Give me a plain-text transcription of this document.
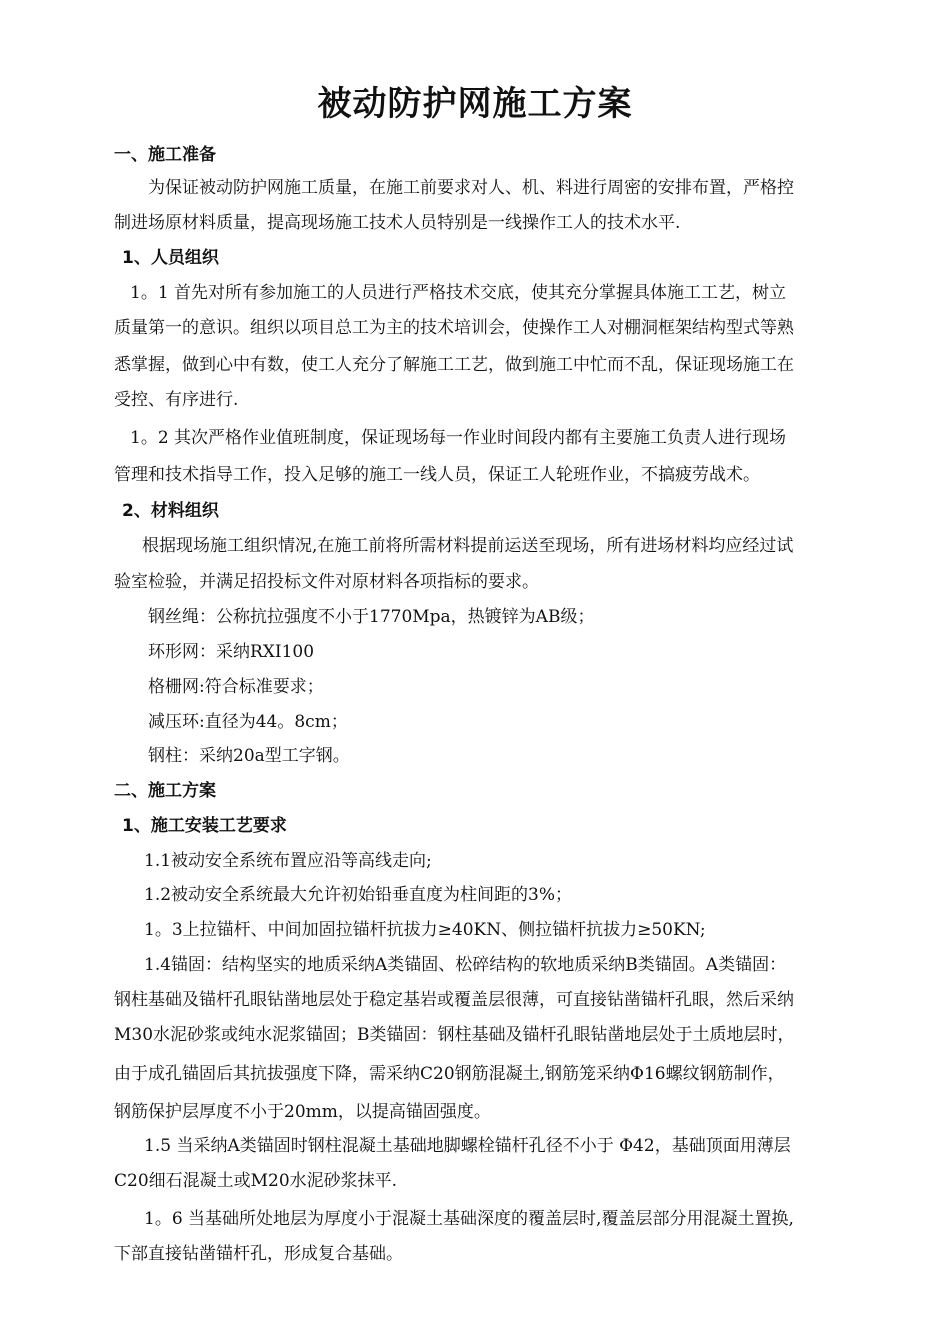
被动防护网施工方案
一、施工准备
为保证被动防护网施工质量，在施工前要求对人、机、料进行周密的安排布置，严格控
制进场原材料质量，提高现场施工技术人员特别是一线操作工人的技术水平.
1、人员组织
1。1 首先对所有参加施工的人员进行严格技术交底，使其充分掌握具体施工工艺，树立
质量第一的意识。组织以项目总工为主的技术培训会，使操作工人对棚洞框架结构型式等熟
悉掌握，做到心中有数，使工人充分了解施工工艺，做到施工中忙而不乱，保证现场施工在
受控、有序进行.
1。2 其次严格作业值班制度，保证现场每一作业时间段内都有主要施工负责人进行现场
管理和技术指导工作，投入足够的施工一线人员，保证工人轮班作业，不搞疲劳战术。
2、材料组织
根据现场施工组织情况,在施工前将所需材料提前运送至现场，所有进场材料均应经过试
验室检验，并满足招投标文件对原材料各项指标的要求。
钢丝绳：公称抗拉强度不小于1770Mpa，热镀锌为AB级；
环形网：采纳RXI100
格栅网:符合标准要求；
减压环:直径为44。8cm；
钢柱：采纳20a型工字钢。
二、施工方案
1、施工安装工艺要求
1.1被动安全系统布置应沿等高线走向;
1.2被动安全系统最大允许初始铅垂直度为柱间距的3%；
1。3上拉锚杆、中间加固拉锚杆抗拔力≥40KN、侧拉锚杆抗拔力≥50KN;
1.4锚固：结构坚实的地质采纳A类锚固、松碎结构的软地质采纳B类锚固。A类锚固：
钢柱基础及锚杆孔眼钻凿地层处于稳定基岩或覆盖层很薄，可直接钻凿锚杆孔眼，然后采纳
M30水泥砂浆或纯水泥浆锚固；B类锚固：钢柱基础及锚杆孔眼钻凿地层处于土质地层时，
由于成孔锚固后其抗拔强度下降，需采纳C20钢筋混凝土,钢筋笼采纳Φ16螺纹钢筋制作，
钢筋保护层厚度不小于20mm，以提高锚固强度。
1.5 当采纳A类锚固时钢柱混凝土基础地脚螺栓锚杆孔径不小于 Φ42，基础顶面用薄层
C20细石混凝土或M20水泥砂浆抹平.
1。6 当基础所处地层为厚度小于混凝土基础深度的覆盖层时,覆盖层部分用混凝土置换,
下部直接钻凿锚杆孔，形成复合基础。
